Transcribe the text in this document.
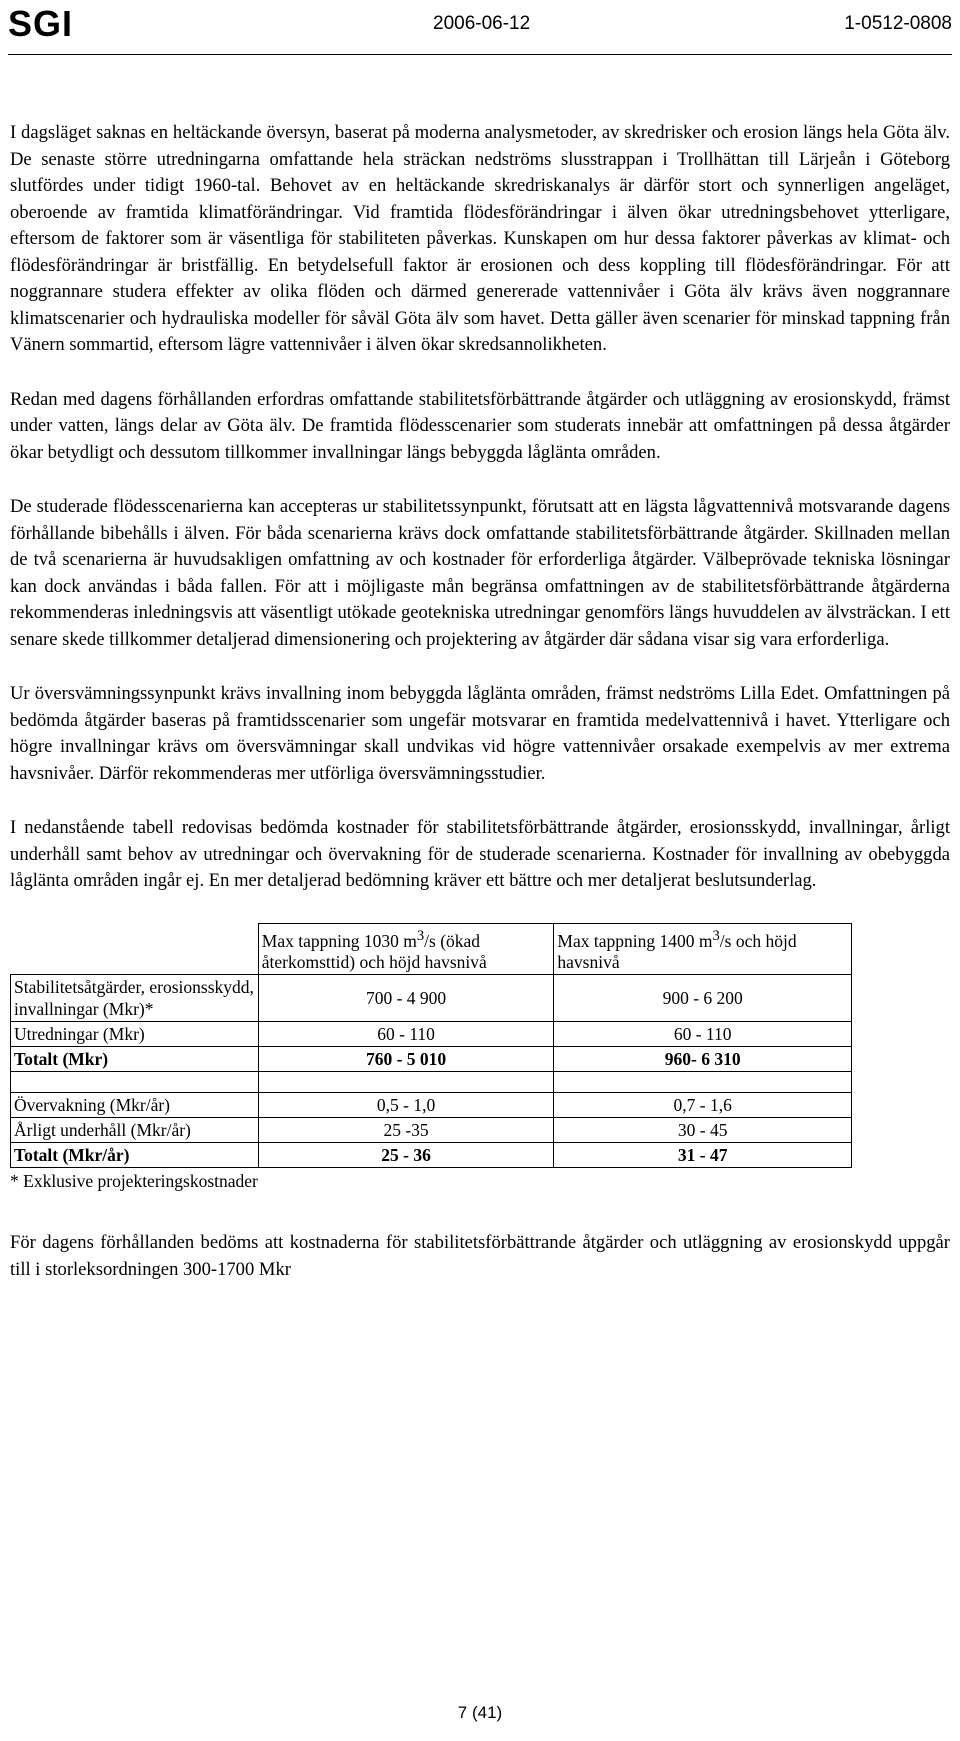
SGI	2006-06-12	1-0512-0808

I dagsläget saknas en heltäckande översyn, baserat på moderna analysmetoder, av skredrisker och erosion längs hela Göta älv. De senaste större utredningarna omfattande hela sträckan nedströms slusstrappan i Trollhättan till Lärjeån i Göteborg slutfördes under tidigt 1960-tal. Behovet av en heltäckande skredriskanalys är därför stort och synnerligen angeläget, oberoende av framtida klimatförändringar. Vid framtida flödesförändringar i älven ökar utredningsbehovet ytterligare, eftersom de faktorer som är väsentliga för stabiliteten påverkas. Kunskapen om hur dessa faktorer påverkas av klimat- och flödesförändringar är bristfällig. En betydelsefull faktor är erosionen och dess koppling till flödesförändringar. För att noggrannare studera effekter av olika flöden och därmed genererade vattennivåer i Göta älv krävs även noggrannare klimatscenarier och hydrauliska modeller för såväl Göta älv som havet. Detta gäller även scenarier för minskad tappning från Vänern sommartid, eftersom lägre vattennivåer i älven ökar skredsannolikheten.

Redan med dagens förhållanden erfordras omfattande stabilitetsförbättrande åtgärder och utläggning av erosionskydd, främst under vatten, längs delar av Göta älv. De framtida flödesscenarier som studerats innebär att omfattningen på dessa åtgärder ökar betydligt och dessutom tillkommer invallningar längs bebyggda låglänta områden.

De studerade flödesscenarierna kan accepteras ur stabilitetssynpunkt, förutsatt att en lägsta lågvattennivå motsvarande dagens förhållande bibehålls i älven. För båda scenarierna krävs dock omfattande stabilitetsförbättrande åtgärder. Skillnaden mellan de två scenarierna är huvudsakligen omfattning av och kostnader för erforderliga åtgärder. Välbeprövade tekniska lösningar kan dock användas i båda fallen. För att i möjligaste mån begränsa omfattningen av de stabilitetsförbättrande åtgärderna rekommenderas inledningsvis att väsentligt utökade geotekniska utredningar genomförs längs huvuddelen av älvsträckan. I ett senare skede tillkommer detaljerad dimensionering och projektering av åtgärder där sådana visar sig vara erforderliga.

Ur översvämningssynpunkt krävs invallning inom bebyggda låglänta områden, främst nedströms Lilla Edet. Omfattningen på bedömda åtgärder baseras på framtidsscenarier som ungefär motsvarar en framtida medelvattennivå i havet. Ytterligare och högre invallningar krävs om översvämningar skall undvikas vid högre vattennivåer orsakade exempelvis av mer extrema havsnivåer. Därför rekommenderas mer utförliga översvämningsstudier.

I nedanstående tabell redovisas bedömda kostnader för stabilitetsförbättrande åtgärder, erosionsskydd, invallningar, årligt underhåll samt behov av utredningar och övervakning för de studerade scenarierna. Kostnader för invallning av obebyggda låglänta områden ingår ej. En mer detaljerad bedömning kräver ett bättre och mer detaljerat beslutsunderlag.

	Max tappning 1030 $m^3/s$ (ökad återkomsttid) och höjd havsnivå	Max tappning 1400 $m^3/s$ och höjd havsnivå
Stabilitetsåtgärder, erosionsskydd, invallningar (Mkr)*	700 - 4 900	900 - 6 200
Utredningar (Mkr)	60 - 110	60 - 110
Totalt (Mkr)	760 - 5 010	960- 6 310

Övervakning (Mkr/år)	0,5 - 1,0	0,7 - 1,6
Årligt underhåll (Mkr/år)	25 -35	30 - 45
Totalt (Mkr/år)	25 - 36	31 - 47
* Exklusive projekteringskostnader

För dagens förhållanden bedöms att kostnaderna för stabilitetsförbättrande åtgärder och utläggning av erosionskydd uppgår till i storleksordningen 300-1700 Mkr

7 (41)
